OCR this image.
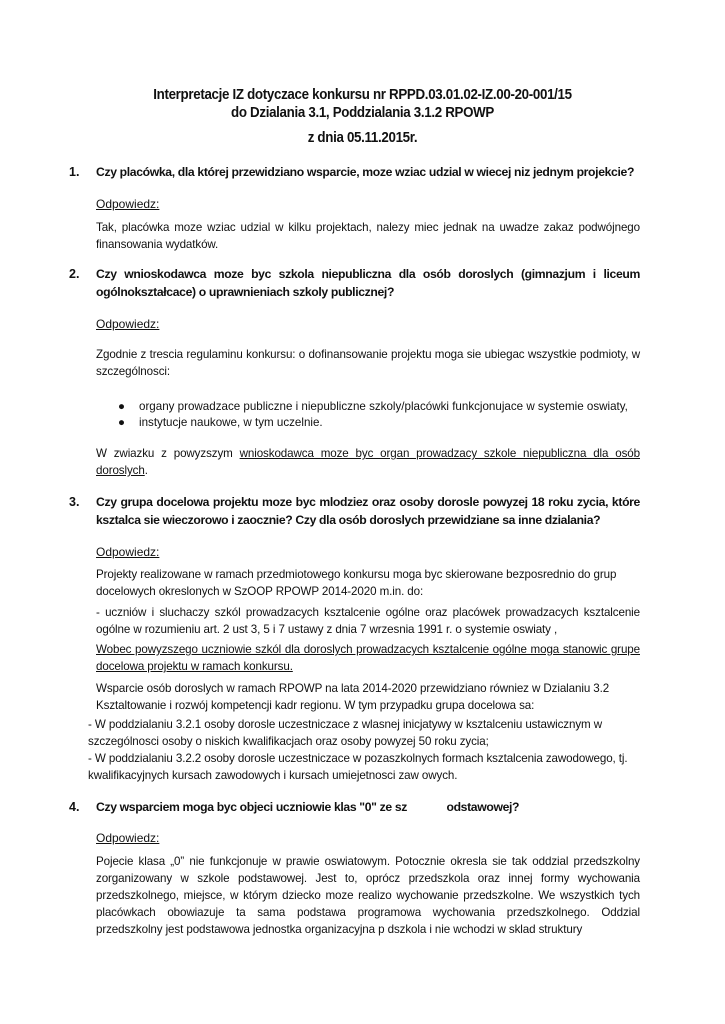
Interpretacje IZ dotyczace konkursu nr RPPD.03.01.02-IZ.00-20-001/15
do Dzialania 3.1, Poddzialania 3.1.2 RPOWP
z dnia 05.11.2015r.
1. Czy placówka, dla której przewidziano wsparcie, moze wziac udzial w wiecej niz jednym projekcie?
Odpowiedz:
Tak, placówka moze wziac udzial w kilku projektach, nalezy miec jednak na uwadze zakaz podwójnego finansowania wydatków.
2. Czy wnioskodawca moze byc szkola niepubliczna dla osób doroslych (gimnazjum i liceum ogólnokształcace) o uprawnieniach szkoly publicznej?
Odpowiedz:
Zgodnie z trescia regulaminu konkursu: o dofinansowanie projektu moga sie ubiegac wszystkie podmioty, w szczególnosci:
● organy prowadzace publiczne i niepubliczne szkoly/placówki funkcjonujace w systemie oswiaty,
● instytucje naukowe, w tym uczelnie.
W zwiazku z powyzszym wnioskodawca moze byc organ prowadzacy szkole niepubliczna dla osób doroslych.
3. Czy grupa docelowa projektu moze byc mlodziez oraz osoby dorosle powyzej 18 roku zycia, które ksztalca sie wieczorowo i zaocznie? Czy dla osób doroslych przewidziane sa inne dzialania?
Odpowiedz:
Projekty realizowane w ramach przedmiotowego konkursu moga byc skierowane bezposrednio do grup docelowych okreslonych w SzOOP RPOWP 2014-2020 m.in. do:
- uczniów i sluchaczy szkól prowadzacych ksztalcenie ogólne oraz placówek prowadzacych ksztalcenie ogólne w rozumieniu art. 2 ust 3, 5 i 7 ustawy z dnia 7 wrzesnia 1991 r. o systemie oswiaty ,
Wobec powyzszego uczniowie szkól dla doroslych prowadzacych ksztalcenie ogólne moga stanowic grupe docelowa projektu w ramach konkursu.
Wsparcie osób doroslych w ramach RPOWP na lata 2014-2020 przewidziano równiez w Dzialaniu 3.2 Ksztaltowanie i rozwój kompetencji kadr regionu. W tym przypadku grupa docelowa sa:
- W poddzialaniu 3.2.1 osoby dorosle uczestniczace z wlasnej inicjatywy w ksztalceniu ustawicznym w szczególnosci osoby o niskich kwalifikacjach oraz osoby powyzej 50 roku zycia;
- W poddzialaniu 3.2.2 osoby dorosle uczestniczace w pozaszkolnych formach ksztalcenia zawodowego, tj. kwalifikacyjnych kursach zawodowych i kursach umiejetnosci zaw owych.
4. Czy wsparciem moga byc objeci uczniowie klas "0" ze sz             odstawowej?
Odpowiedz:
Pojecie klasa „0” nie funkcjonuje w prawie oswiatowym. Potocznie okresla sie tak oddzial przedszkolny zorganizowany w szkole podstawowej. Jest to, oprócz przedszkola oraz innej formy wychowania przedszkolnego, miejsce, w którym dziecko moze realizo wychowanie przedszkolne. We wszystkich tych placówkach obowiazuje ta sama podstawa programowa wychowania przedszkolnego. Oddzial przedszkolny jest podstawowa jednostka organizacyjna p dszkola i nie wchodzi w sklad struktury
